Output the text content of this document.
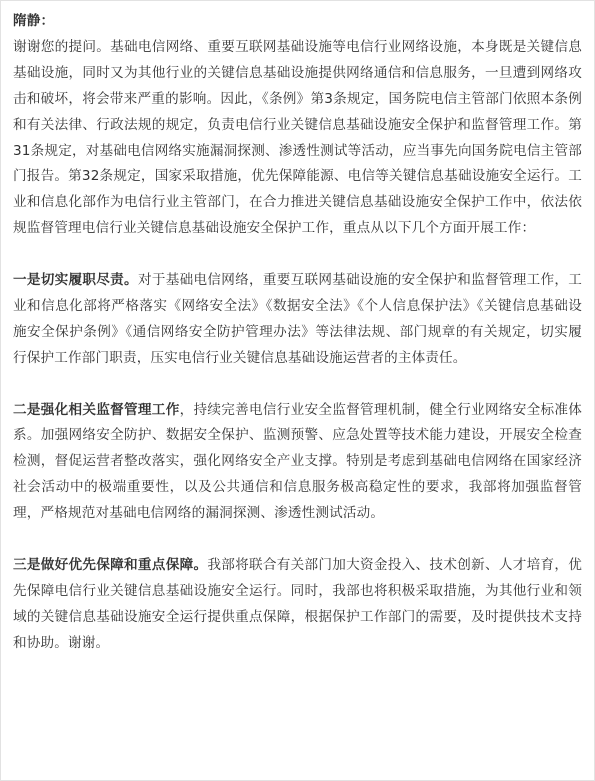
隋静：

谢谢您的提问。基础电信网络、重要互联网基础设施等电信行业网络设施，本身既是关键信息基础设施，同时又为其他行业的关键信息基础设施提供网络通信和信息服务，一旦遭到网络攻击和破坏，将会带来严重的影响。因此，《条例》第3条规定，国务院电信主管部门依照本条例和有关法律、行政法规的规定，负责电信行业关键信息基础设施安全保护和监督管理工作。第31条规定，对基础电信网络实施漏洞探测、渗透性测试等活动，应当事先向国务院电信主管部门报告。第32条规定，国家采取措施，优先保障能源、电信等关键信息基础设施安全运行。工业和信息化部作为电信行业主管部门，在合力推进关键信息基础设施安全保护工作中，依法依规监督管理电信行业关键信息基础设施安全保护工作，重点从以下几个方面开展工作：

一是切实履职尽责。对于基础电信网络，重要互联网基础设施的安全保护和监督管理工作，工业和信息化部将严格落实《网络安全法》《数据安全法》《个人信息保护法》《关键信息基础设施安全保护条例》《通信网络安全防护管理办法》等法律法规、部门规章的有关规定，切实履行保护工作部门职责，压实电信行业关键信息基础设施运营者的主体责任。

二是强化相关监督管理工作，持续完善电信行业安全监督管理机制，健全行业网络安全标准体系。加强网络安全防护、数据安全保护、监测预警、应急处置等技术能力建设，开展安全检查检测，督促运营者整改落实，强化网络安全产业支撑。特别是考虑到基础电信网络在国家经济社会活动中的极端重要性，以及公共通信和信息服务极高稳定性的要求，我部将加强监督管理，严格规范对基础电信网络的漏洞探测、渗透性测试活动。

三是做好优先保障和重点保障。我部将联合有关部门加大资金投入、技术创新、人才培育，优先保障电信行业关键信息基础设施安全运行。同时，我部也将积极采取措施，为其他行业和领域的关键信息基础设施安全运行提供重点保障，根据保护工作部门的需要，及时提供技术支持和协助。谢谢。
